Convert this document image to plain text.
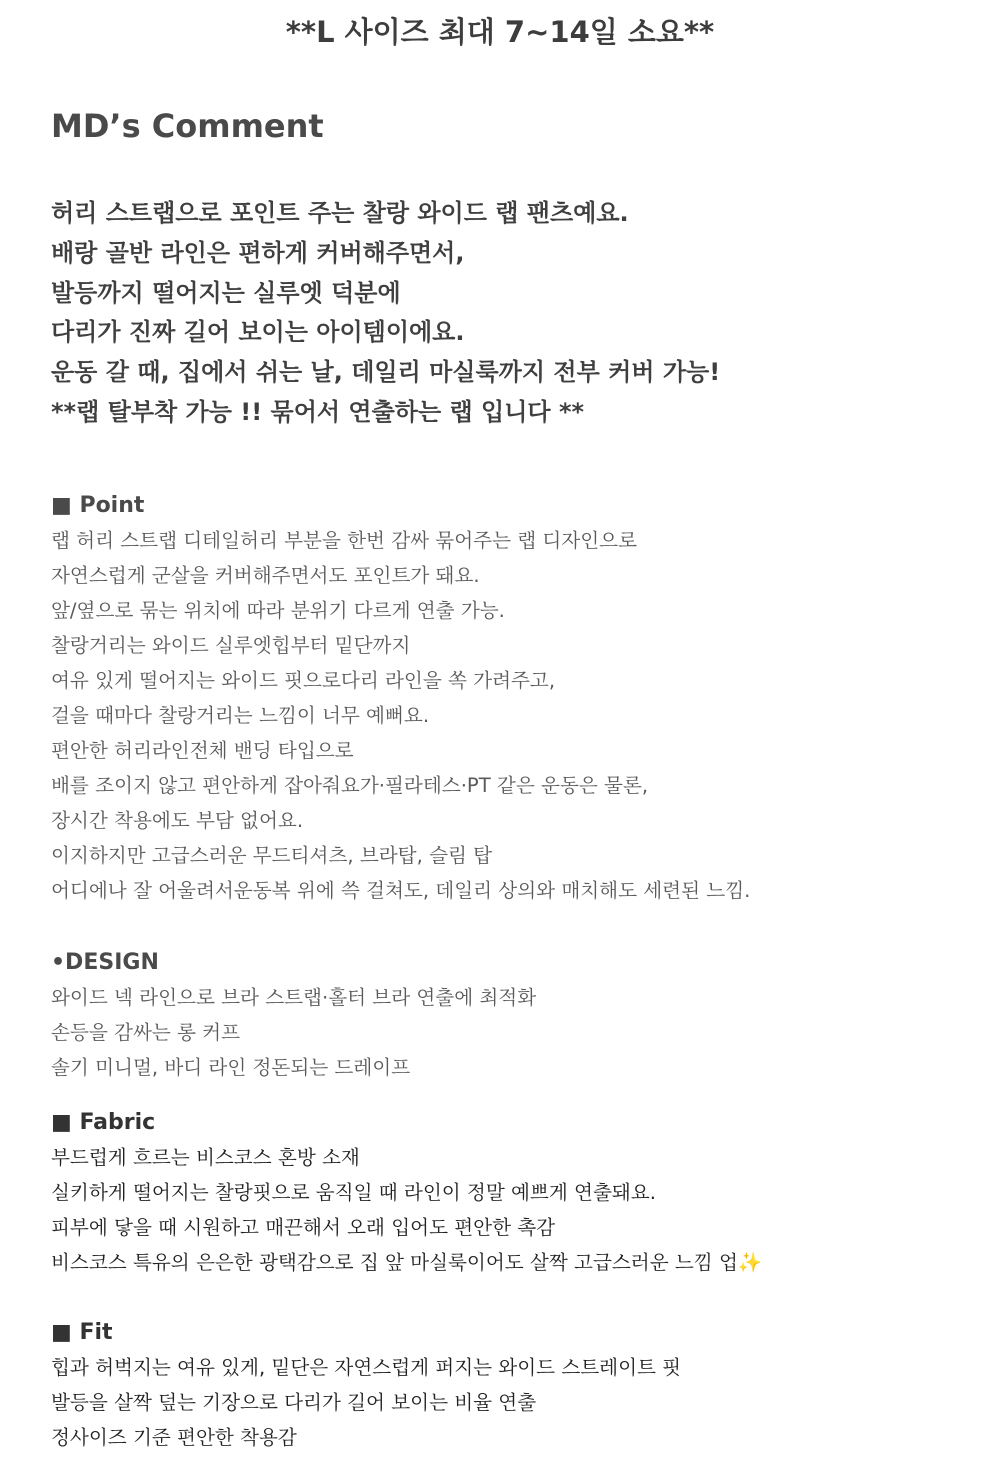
**L 사이즈 최대 7~14일 소요**
MD’s Comment
허리 스트랩으로 포인트 주는 찰랑 와이드 랩 팬츠예요.
배랑 골반 라인은 편하게 커버해주면서,
발등까지 떨어지는 실루엣 덕분에
다리가 진짜 길어 보이는 아이템이에요.
운동 갈 때, 집에서 쉬는 날, 데일리 마실룩까지 전부 커버 가능!
**랩 탈부착 가능 !! 묶어서 연출하는 랩 입니다 **
■ Point
랩 허리 스트랩 디테일허리 부분을 한번 감싸 묶어주는 랩 디자인으로
자연스럽게 군살을 커버해주면서도 포인트가 돼요.
앞/옆으로 묶는 위치에 따라 분위기 다르게 연출 가능.
찰랑거리는 와이드 실루엣힙부터 밑단까지
여유 있게 떨어지는 와이드 핏으로다리 라인을 쏙 가려주고,
걸을 때마다 찰랑거리는 느낌이 너무 예뻐요.
편안한 허리라인전체 밴딩 타입으로
배를 조이지 않고 편안하게 잡아줘요가·필라테스·PT 같은 운동은 물론,
장시간 착용에도 부담 없어요.
이지하지만 고급스러운 무드티셔츠, 브라탑, 슬림 탑
어디에나 잘 어울려서운동복 위에 쓱 걸쳐도, 데일리 상의와 매치해도 세련된 느낌.
•DESIGN
와이드 넥 라인으로 브라 스트랩·홀터 브라 연출에 최적화
손등을 감싸는 롱 커프
솔기 미니멀, 바디 라인 정돈되는 드레이프
■ Fabric
부드럽게 흐르는 비스코스 혼방 소재
실키하게 떨어지는 찰랑핏으로 움직일 때 라인이 정말 예쁘게 연출돼요.
피부에 닿을 때 시원하고 매끈해서 오래 입어도 편안한 촉감
비스코스 특유의 은은한 광택감으로 집 앞 마실룩이어도 살짝 고급스러운 느낌 업✨
■ Fit
힙과 허벅지는 여유 있게, 밑단은 자연스럽게 퍼지는 와이드 스트레이트 핏
발등을 살짝 덮는 기장으로 다리가 길어 보이는 비율 연출
정사이즈 기준 편안한 착용감
